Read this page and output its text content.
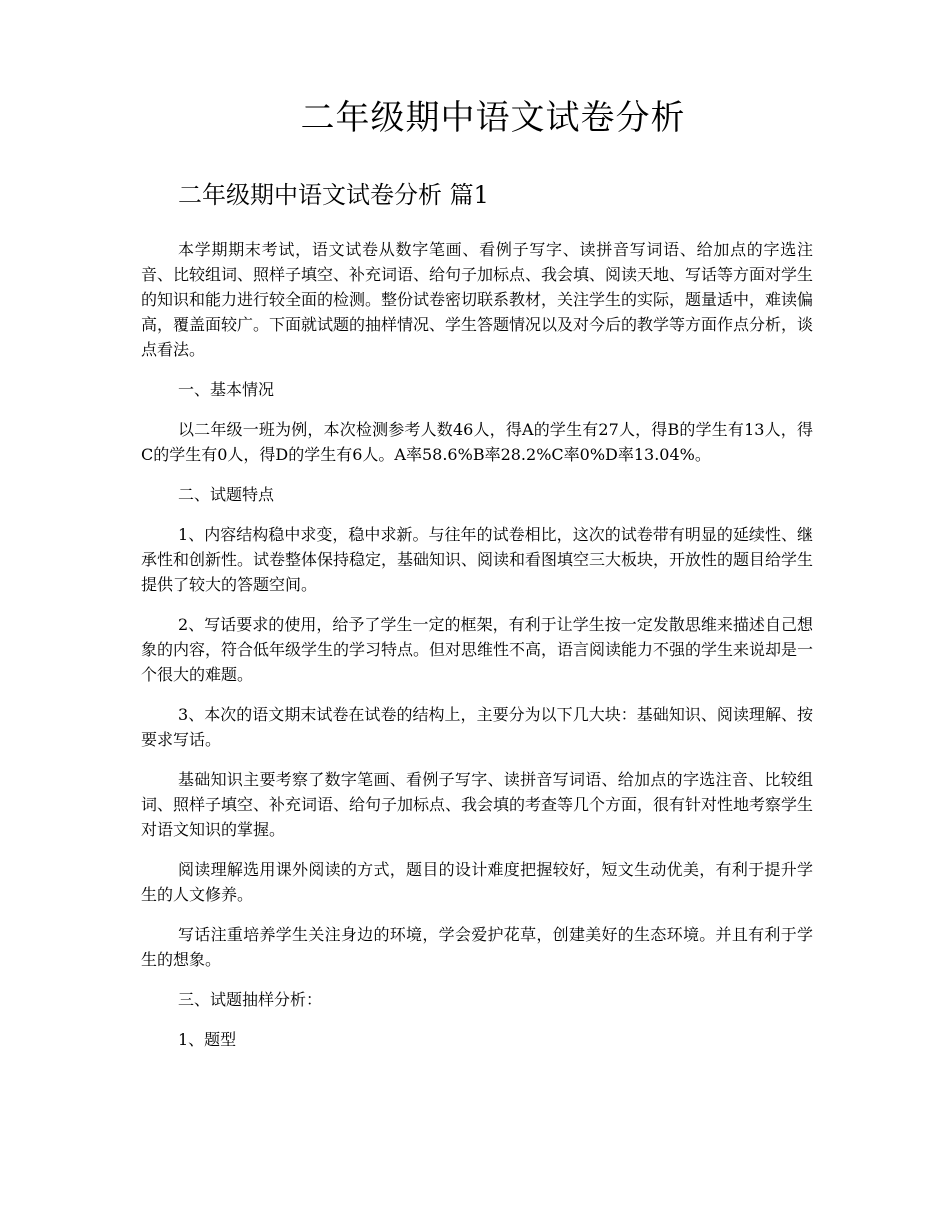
二年级期中语文试卷分析
二年级期中语文试卷分析 篇1

本学期期末考试，语文试卷从数字笔画、看例子写字、读拼音写词语、给加点的字选注音、比较组词、照样子填空、补充词语、给句子加标点、我会填、阅读天地、写话等方面对学生的知识和能力进行较全面的检测。整份试卷密切联系教材，关注学生的实际，题量适中，难读偏高，覆盖面较广。下面就试题的抽样情况、学生答题情况以及对今后的教学等方面作点分析，谈点看法。

一、基本情况

以二年级一班为例，本次检测参考人数46人，得A的学生有27人，得B的学生有13人，得C的学生有0人，得D的学生有6人。A率58.6%B率28.2%C率0%D率13.04%。

二、试题特点

1、内容结构稳中求变，稳中求新。与往年的试卷相比，这次的试卷带有明显的延续性、继承性和创新性。试卷整体保持稳定，基础知识、阅读和看图填空三大板块，开放性的题目给学生提供了较大的答题空间。

2、写话要求的使用，给予了学生一定的框架，有利于让学生按一定发散思维来描述自己想象的内容，符合低年级学生的学习特点。但对思维性不高，语言阅读能力不强的学生来说却是一个很大的难题。

3、本次的语文期末试卷在试卷的结构上，主要分为以下几大块：基础知识、阅读理解、按要求写话。

基础知识主要考察了数字笔画、看例子写字、读拼音写词语、给加点的字选注音、比较组词、照样子填空、补充词语、给句子加标点、我会填的考查等几个方面，很有针对性地考察学生对语文知识的掌握。

阅读理解选用课外阅读的方式，题目的设计难度把握较好，短文生动优美，有利于提升学生的人文修养。

写话注重培养学生关注身边的环境，学会爱护花草，创建美好的生态环境。并且有利于学生的想象。

三、试题抽样分析：

1、题型
